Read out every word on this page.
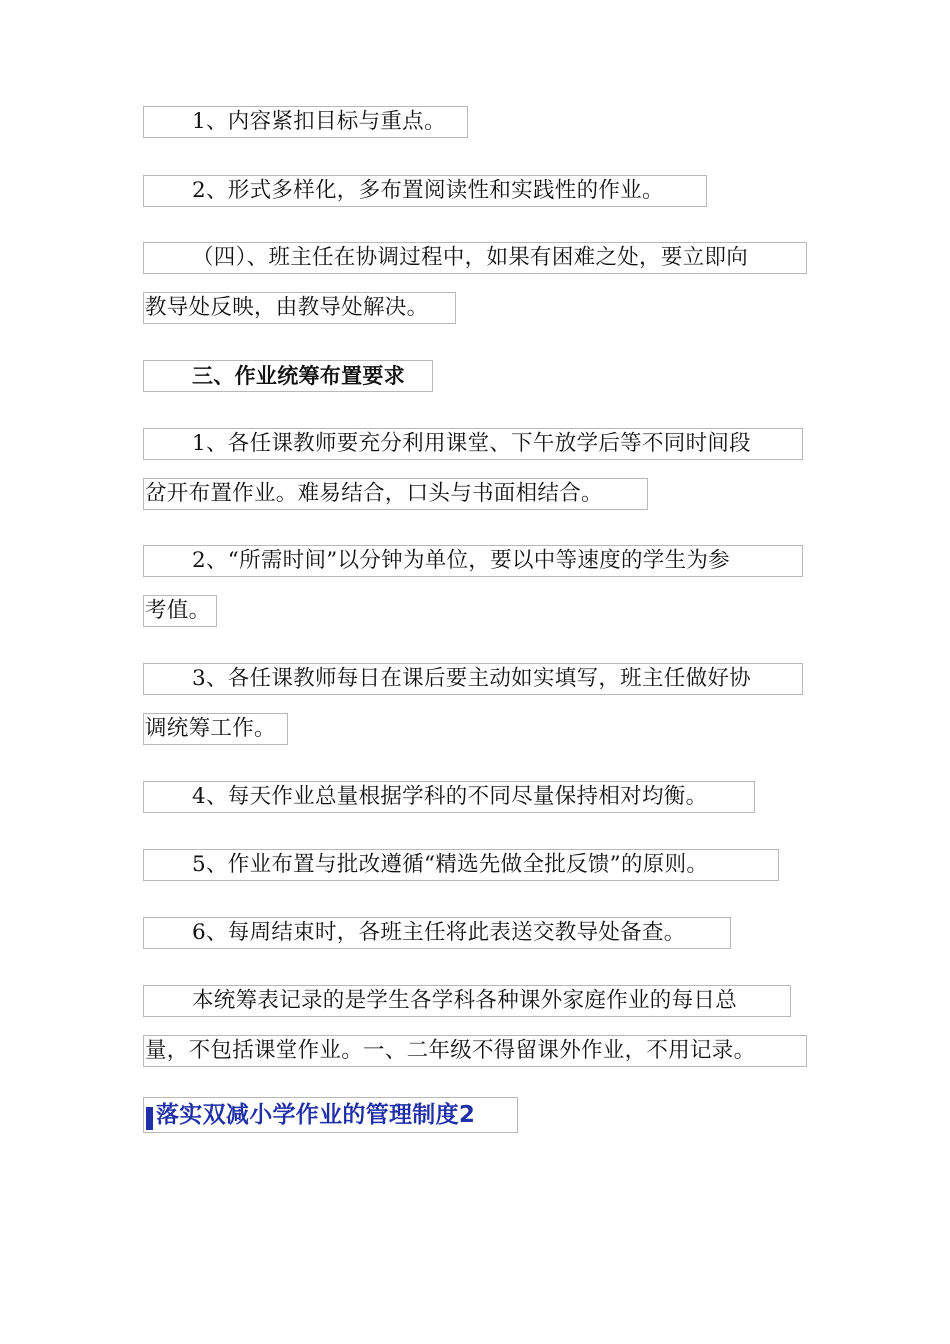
1、内容紧扣目标与重点。
2、形式多样化，多布置阅读性和实践性的作业。
（四）、班主任在协调过程中，如果有困难之处，要立即向
教导处反映，由教导处解决。
三、作业统筹布置要求
1、各任课教师要充分利用课堂、下午放学后等不同时间段
岔开布置作业。难易结合，口头与书面相结合。
2、“所需时间”以分钟为单位，要以中等速度的学生为参
考值。
3、各任课教师每日在课后要主动如实填写，班主任做好协
调统筹工作。
4、每天作业总量根据学科的不同尽量保持相对均衡。
5、作业布置与批改遵循“精选先做全批反馈”的原则。
6、每周结束时，各班主任将此表送交教导处备查。
本统筹表记录的是学生各学科各种课外家庭作业的每日总
量，不包括课堂作业。一、二年级不得留课外作业，不用记录。
落实双减小学作业的管理制度2
